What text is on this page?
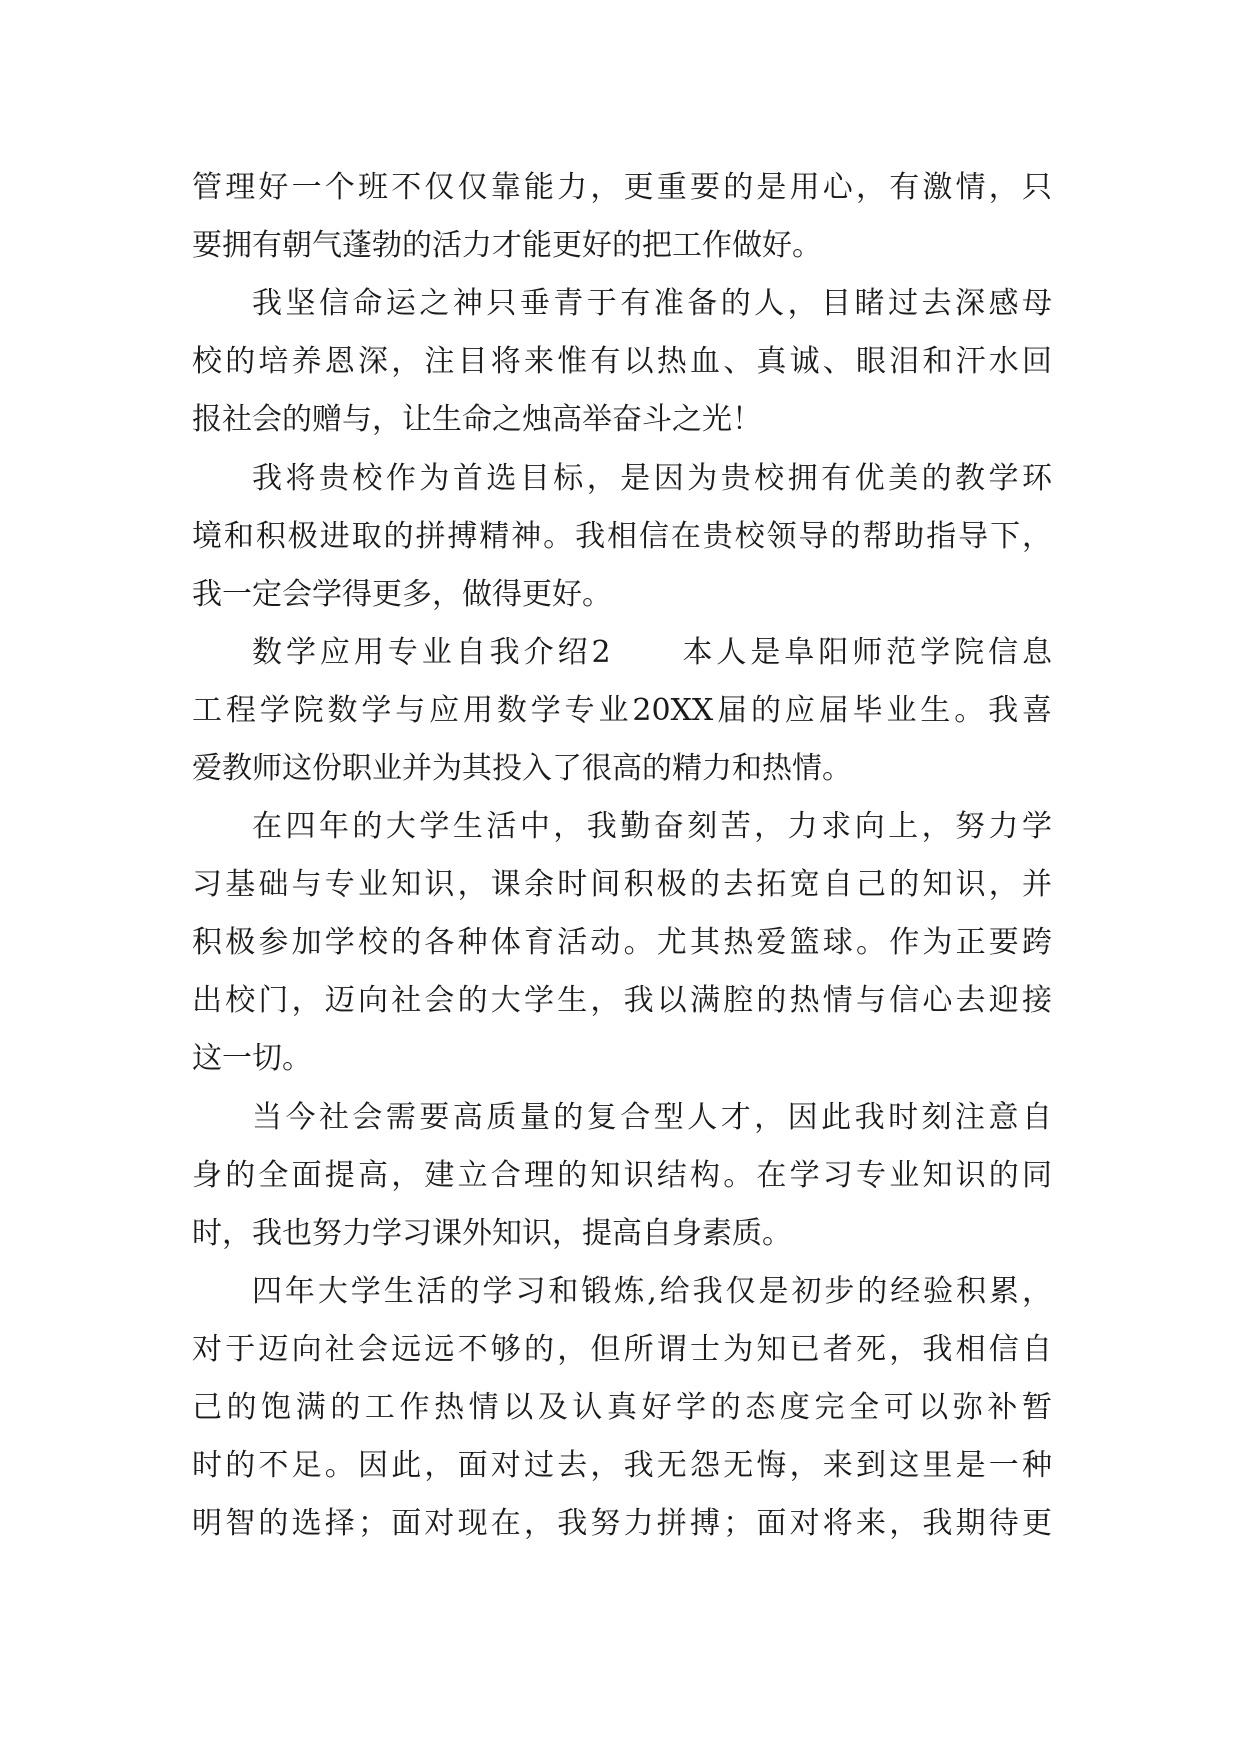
管理好一个班不仅仅靠能力，更重要的是用心，有激情，只
要拥有朝气蓬勃的活力才能更好的把工作做好。
我坚信命运之神只垂青于有准备的人，目睹过去深感母
校的培养恩深，注目将来惟有以热血、真诚、眼泪和汗水回
报社会的赠与，让生命之烛高举奋斗之光！
我将贵校作为首选目标，是因为贵校拥有优美的教学环
境和积极进取的拼搏精神。我相信在贵校领导的帮助指导下，
我一定会学得更多，做得更好。
数学应用专业自我介绍2　　本人是阜阳师范学院信息
工程学院数学与应用数学专业20XX届的应届毕业生。我喜
爱教师这份职业并为其投入了很高的精力和热情。
在四年的大学生活中，我勤奋刻苦，力求向上，努力学
习基础与专业知识，课余时间积极的去拓宽自己的知识，并
积极参加学校的各种体育活动。尤其热爱篮球。作为正要跨
出校门，迈向社会的大学生，我以满腔的热情与信心去迎接
这一切。
当今社会需要高质量的复合型人才，因此我时刻注意自
身的全面提高，建立合理的知识结构。在学习专业知识的同
时，我也努力学习课外知识，提高自身素质。
四年大学生活的学习和锻炼,给我仅是初步的经验积累，
对于迈向社会远远不够的，但所谓士为知已者死，我相信自
己的饱满的工作热情以及认真好学的态度完全可以弥补暂
时的不足。因此，面对过去，我无怨无悔，来到这里是一种
明智的选择；面对现在，我努力拼搏；面对将来，我期待更
